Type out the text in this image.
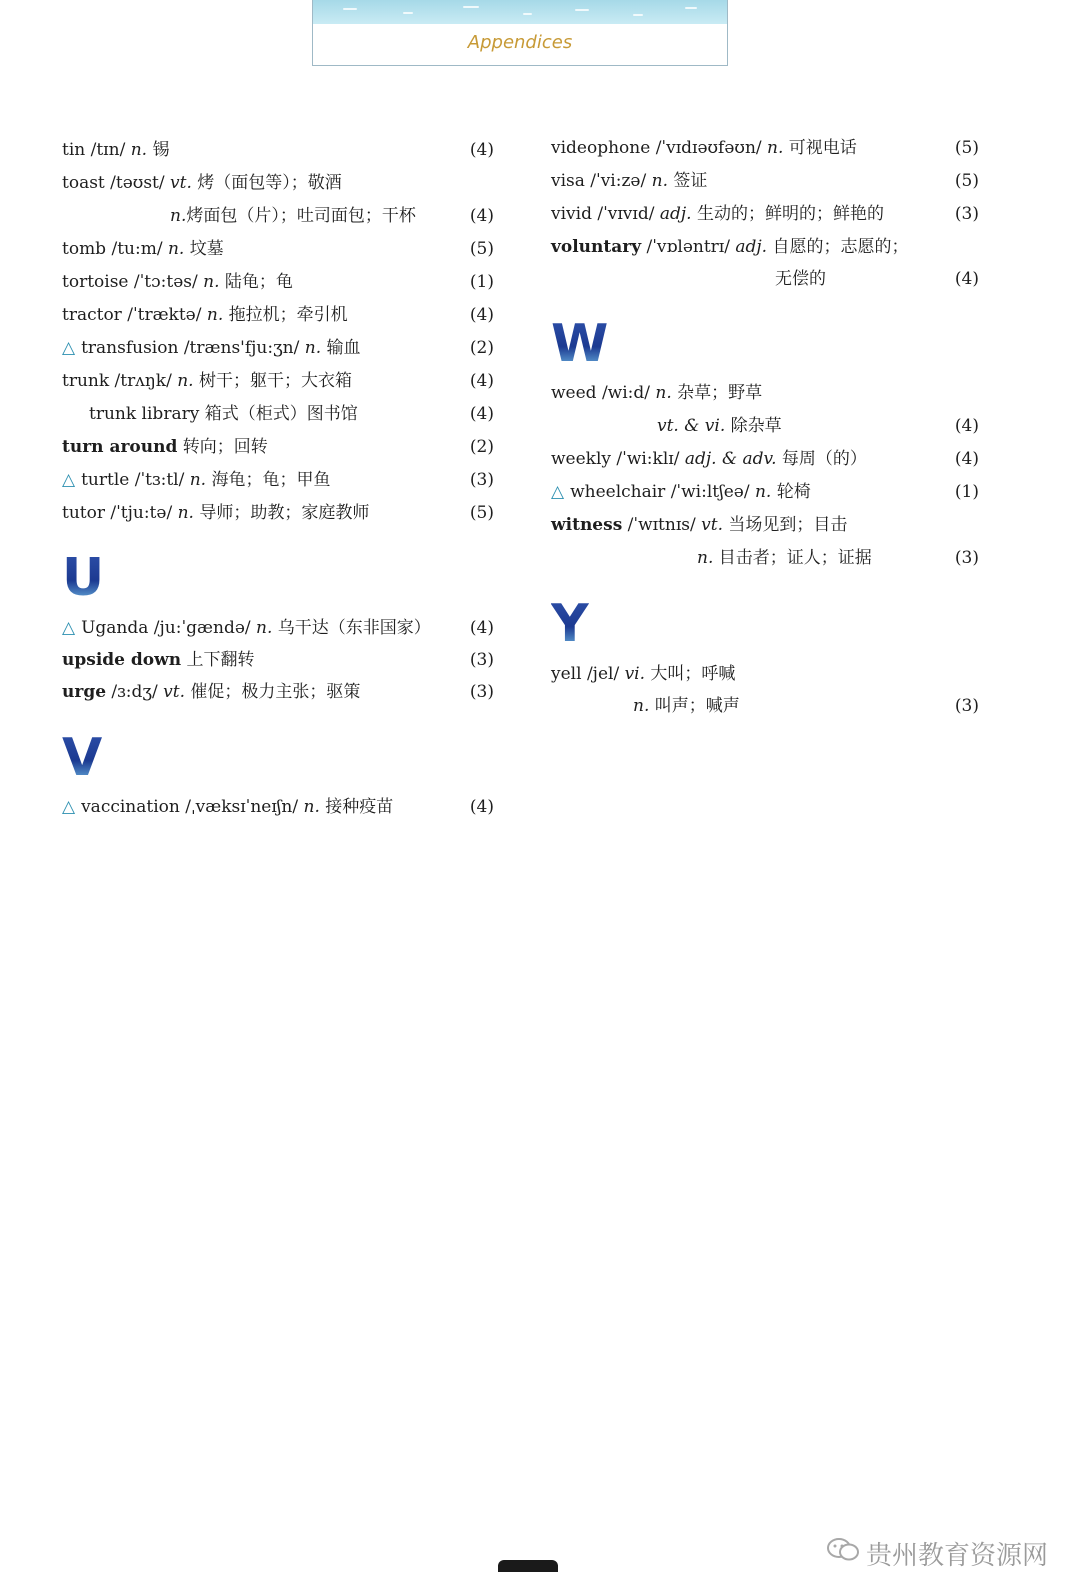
Appendices
tin /tɪn/ n. 锡	(4)
toast /təʊst/ vt. 烤（面包等）；敬酒
n.烤面包（片）；吐司面包；干杯	(4)
tomb /tu:m/ n. 坟墓	(5)
tortoise /ˈtɔ:təs/ n. 陆龟；龟	(1)
tractor /ˈtræktə/ n. 拖拉机；牵引机	(4)
△ transfusion /træns'fju:ʒn/ n. 输血	(2)
trunk /trʌŋk/ n. 树干；躯干；大衣箱	(4)
trunk library 箱式（柜式）图书馆	(4)
turn around 转向；回转	(2)
△ turtle /ˈtɜ:tl/ n. 海龟；龟；甲鱼	(3)
tutor /ˈtju:tə/ n. 导师；助教；家庭教师	(5)
U
△ Uganda /ju:ˈgændə/ n. 乌干达（东非国家） (4)
upside down 上下翻转	(3)
urge /ɜ:dʒ/ vt. 催促；极力主张；驱策	(3)
V
△ vaccination /ˌvæksɪˈneɪʃn/ n. 接种疫苗	(4)
videophone /ˈvɪdɪəʊfəʊn/ n. 可视电话	(5)
visa /ˈvi:zə/ n. 签证	(5)
vivid /ˈvɪvɪd/ adj. 生动的；鲜明的；鲜艳的	(3)
voluntary /ˈvɒləntrɪ/ adj. 自愿的；志愿的；
无偿的	(4)
W
weed /wi:d/ n. 杂草；野草
vt. & vi. 除杂草	(4)
weekly /ˈwi:klɪ/ adj. & adv. 每周（的）	(4)
△ wheelchair /ˈwi:ltʃeə/ n. 轮椅	(1)
witness /ˈwɪtnɪs/ vt. 当场见到；目击
n. 目击者；证人；证据	(3)
Y
yell /jel/ vi. 大叫；呼喊
n. 叫声；喊声	(3)
贵州教育资源网
